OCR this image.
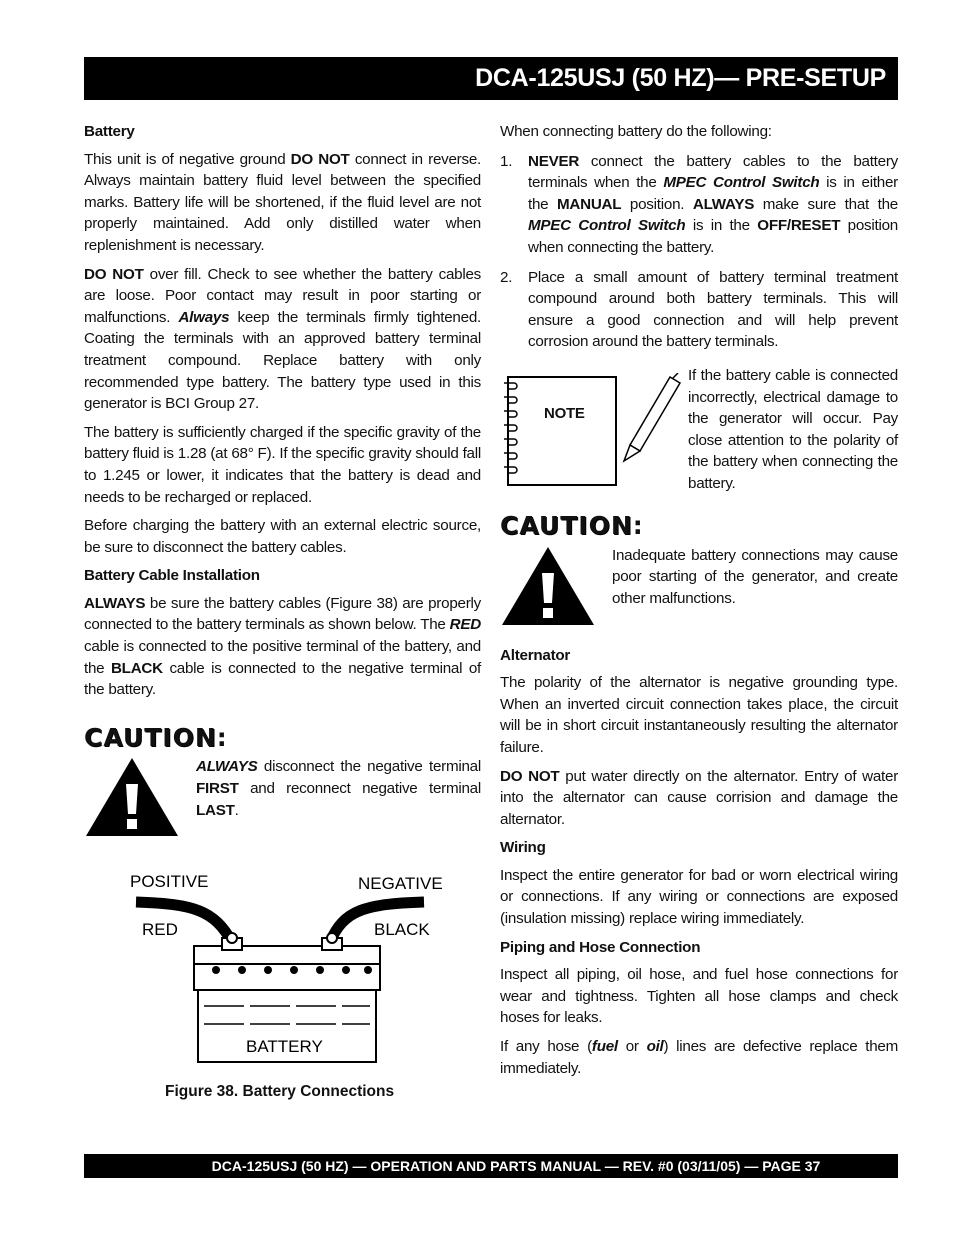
DCA-125USJ (50 HZ)— PRE-SETUP
Battery

This unit is of negative ground DO NOT connect in reverse. Always maintain battery fluid level between the specified marks. Battery life will be shortened, if the fluid level are not properly maintained. Add only distilled water when replenishment is necessary.

DO NOT over fill. Check to see whether the battery cables are loose. Poor contact may result in poor starting or malfunctions. Always keep the terminals firmly tightened. Coating the terminals with an approved battery terminal treatment compound. Replace battery with only recommended type battery. The battery type used in this generator is BCI Group 27.

The battery is sufficiently charged if the specific gravity of the battery fluid is 1.28 (at 68° F). If the specific gravity should fall to 1.245 or lower, it indicates that the battery is dead and needs to be recharged or replaced.

Before charging the battery with an external electric source, be sure to disconnect the battery cables.

Battery Cable Installation

ALWAYS be sure the battery cables (Figure 38) are properly connected to the battery terminals as shown below. The RED cable is connected to the positive terminal of the battery, and the BLACK cable is connected to the negative terminal of the battery.

CAUTION:

ALWAYS disconnect the negative terminal FIRST and reconnect negative terminal LAST.

POSITIVE	NEGATIVE
RED	BLACK
BATTERY
Figure 38. Battery Connections

When connecting battery do the following:

1. NEVER connect the battery cables to the battery terminals when the MPEC Control Switch is in either the MANUAL position. ALWAYS make sure that the MPEC Control Switch is in the OFF/RESET position when connecting the battery.
2. Place a small amount of battery terminal treatment compound around both battery terminals. This will ensure a good connection and will help prevent corrosion around the battery terminals.
NOTE
If the battery cable is connected incorrectly, electrical damage to the generator will occur. Pay close attention to the polarity of the battery when connecting the battery.
CAUTION:

Inadequate battery connections may cause poor starting of the generator, and create other malfunctions.

Alternator

The polarity of the alternator is negative grounding type. When an inverted circuit connection takes place, the circuit will be in short circuit instantaneously resulting the alternator failure.

DO NOT put water directly on the alternator. Entry of water into the alternator can cause corrision and damage the alternator.

Wiring

Inspect the entire generator for bad or worn electrical wiring or connections. If any wiring or connections are exposed (insulation missing) replace wiring immediately.

Piping and Hose Connection

Inspect all piping, oil hose, and fuel hose connections for wear and tightness. Tighten all hose clamps and check hoses for leaks.

If any hose (fuel or oil) lines are defective replace them immediately.

DCA-125USJ (50 HZ) — OPERATION AND PARTS MANUAL — REV. #0 (03/11/05) — PAGE 37
